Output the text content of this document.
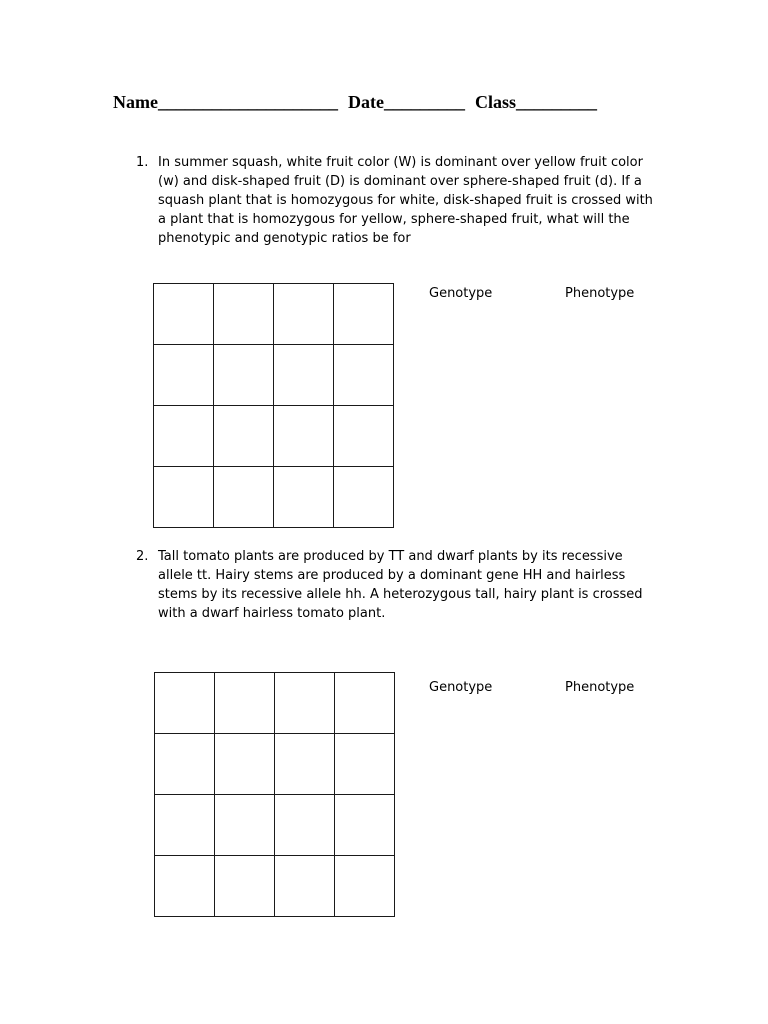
Name____________________ Date_________ Class_________
1. In summer squash, white fruit color (W) is dominant over yellow fruit color (w) and disk-shaped fruit (D) is dominant over sphere-shaped fruit (d). If a squash plant that is homozygous for white, disk-shaped fruit is crossed with a plant that is homozygous for yellow, sphere-shaped fruit, what will the phenotypic and genotypic ratios be for

Genotype	Phenotype
2. Tall tomato plants are produced by TT and dwarf plants by its recessive allele tt. Hairy stems are produced by a dominant gene HH and hairless stems by its recessive allele hh. A heterozygous tall, hairy plant is crossed with a dwarf hairless tomato plant.

Genotype	Phenotype
